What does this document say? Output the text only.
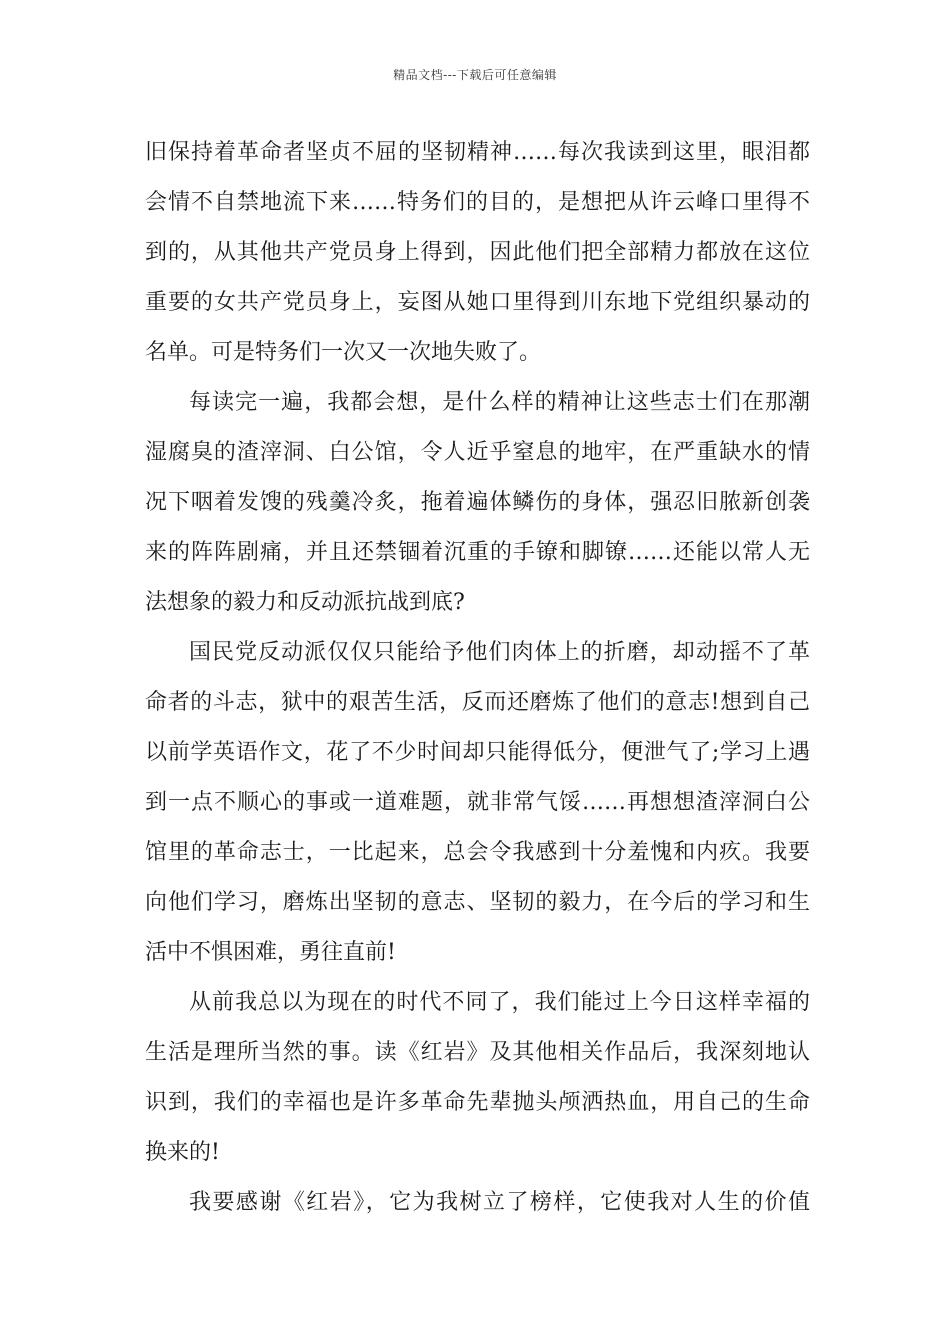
精品文档---下载后可任意编辑
旧保持着革命者坚贞不屈的坚韧精神……每次我读到这里，眼泪都
会情不自禁地流下来……特务们的目的，是想把从许云峰口里得不
到的，从其他共产党员身上得到，因此他们把全部精力都放在这位
重要的女共产党员身上，妄图从她口里得到川东地下党组织暴动的
名单。可是特务们一次又一次地失败了。
每读完一遍，我都会想，是什么样的精神让这些志士们在那潮
湿腐臭的渣滓洞、白公馆，令人近乎窒息的地牢，在严重缺水的情
况下咽着发馊的残羹冷炙，拖着遍体鳞伤的身体，强忍旧脓新创袭
来的阵阵剧痛，并且还禁锢着沉重的手镣和脚镣……还能以常人无
法想象的毅力和反动派抗战到底?
国民党反动派仅仅只能给予他们肉体上的折磨，却动摇不了革
命者的斗志，狱中的艰苦生活，反而还磨炼了他们的意志!想到自己
以前学英语作文，花了不少时间却只能得低分，便泄气了;学习上遇
到一点不顺心的事或一道难题，就非常气馁……再想想渣滓洞白公
馆里的革命志士，一比起来，总会令我感到十分羞愧和内疚。我要
向他们学习，磨炼出坚韧的意志、坚韧的毅力，在今后的学习和生
活中不惧困难，勇往直前!
从前我总以为现在的时代不同了，我们能过上今日这样幸福的
生活是理所当然的事。读《红岩》及其他相关作品后，我深刻地认
识到，我们的幸福也是许多革命先辈抛头颅洒热血，用自己的生命
换来的!
我要感谢《红岩》，它为我树立了榜样，它使我对人生的价值
